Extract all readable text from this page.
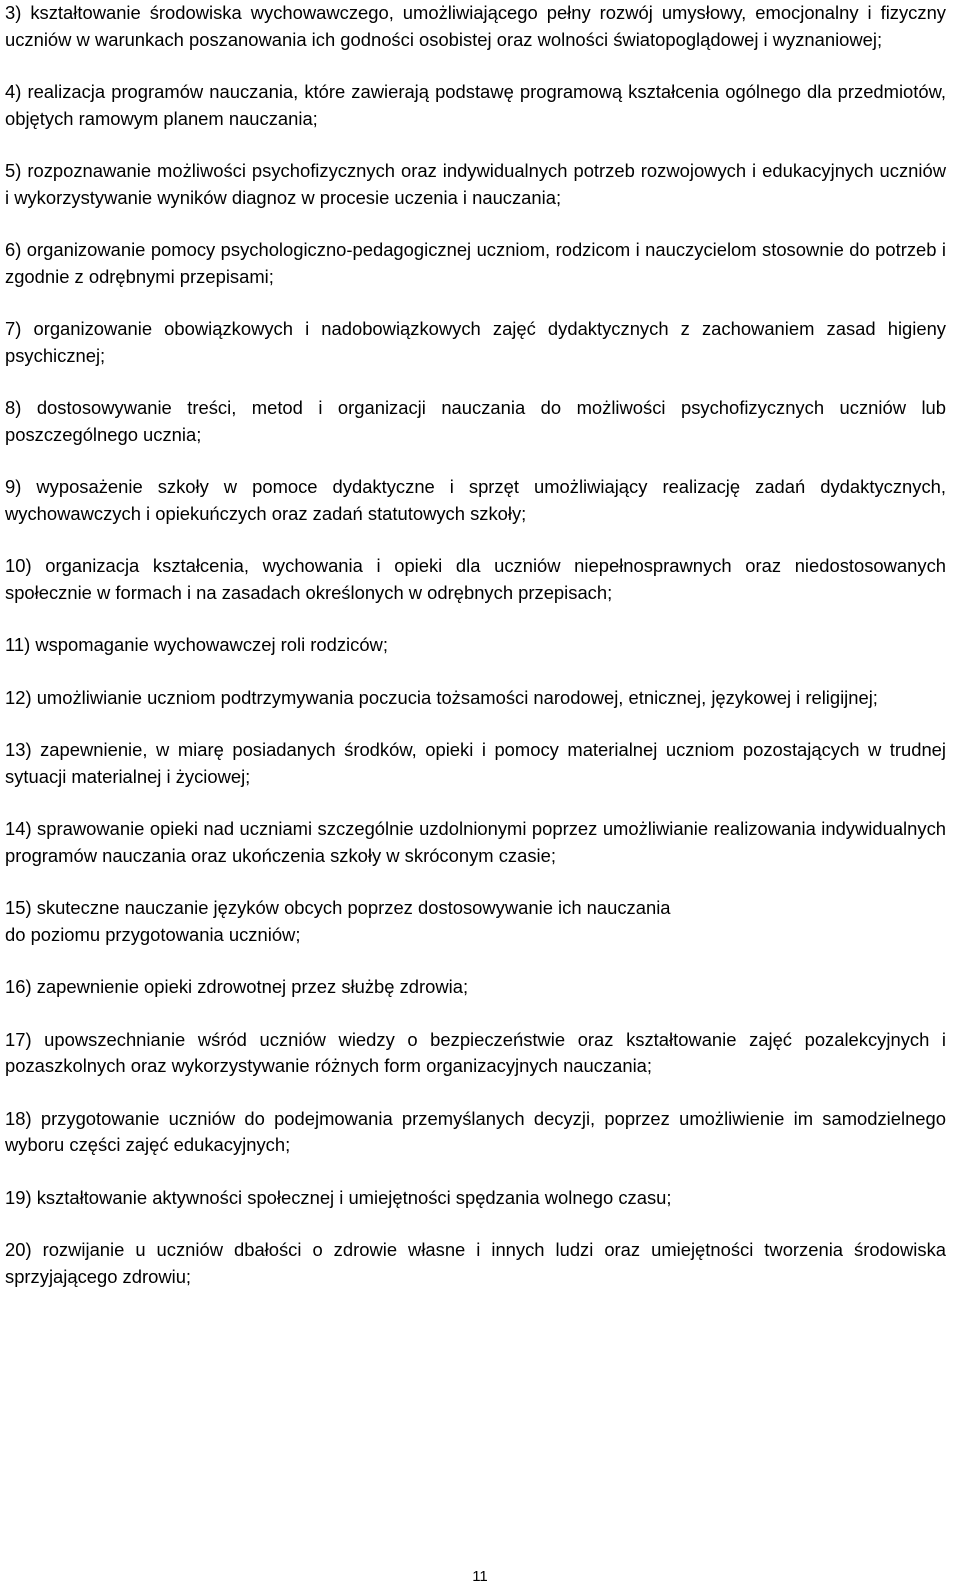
3) kształtowanie środowiska wychowawczego, umożliwiającego pełny rozwój umysłowy, emocjonalny i fizyczny uczniów w warunkach poszanowania ich godności osobistej oraz wolności światopoglądowej i wyznaniowej;

4) realizacja programów nauczania, które zawierają podstawę programową kształcenia ogólnego dla przedmiotów, objętych ramowym planem nauczania;

5) rozpoznawanie możliwości psychofizycznych oraz indywidualnych potrzeb rozwojowych i edukacyjnych uczniów i wykorzystywanie wyników diagnoz w procesie uczenia i nauczania;

6) organizowanie pomocy psychologiczno-pedagogicznej uczniom, rodzicom i nauczycielom stosownie do potrzeb i zgodnie z odrębnymi przepisami;

7) organizowanie obowiązkowych i nadobowiązkowych zajęć dydaktycznych z zachowaniem zasad higieny psychicznej;

8) dostosowywanie treści, metod i organizacji nauczania do możliwości psychofizycznych uczniów lub poszczególnego ucznia;

9) wyposażenie szkoły w pomoce dydaktyczne i sprzęt umożliwiający realizację zadań dydaktycznych, wychowawczych i opiekuńczych oraz zadań statutowych szkoły;

10) organizacja kształcenia, wychowania i opieki dla uczniów niepełnosprawnych oraz niedostosowanych społecznie w formach i na zasadach określonych w odrębnych przepisach;

11) wspomaganie wychowawczej roli rodziców;

12) umożliwianie uczniom podtrzymywania poczucia tożsamości narodowej, etnicznej, językowej i religijnej;

13) zapewnienie, w miarę posiadanych środków, opieki i pomocy materialnej uczniom pozostających w trudnej sytuacji materialnej i życiowej;

14) sprawowanie opieki nad uczniami szczególnie uzdolnionymi poprzez umożliwianie realizowania indywidualnych programów nauczania oraz ukończenia szkoły w skróconym czasie;

15) skuteczne nauczanie języków obcych poprzez dostosowywanie ich nauczania

do poziomu przygotowania uczniów;

16) zapewnienie opieki zdrowotnej przez służbę zdrowia;

17) upowszechnianie wśród uczniów wiedzy o bezpieczeństwie oraz kształtowanie zajęć pozalekcyjnych i pozaszkolnych oraz wykorzystywanie różnych form organizacyjnych nauczania;

18) przygotowanie uczniów do podejmowania przemyślanych decyzji, poprzez umożliwienie im samodzielnego wyboru części zajęć edukacyjnych;

19) kształtowanie aktywności społecznej i umiejętności spędzania wolnego czasu;

20) rozwijanie u uczniów dbałości o zdrowie własne i innych ludzi oraz umiejętności tworzenia środowiska sprzyjającego zdrowiu;

11
